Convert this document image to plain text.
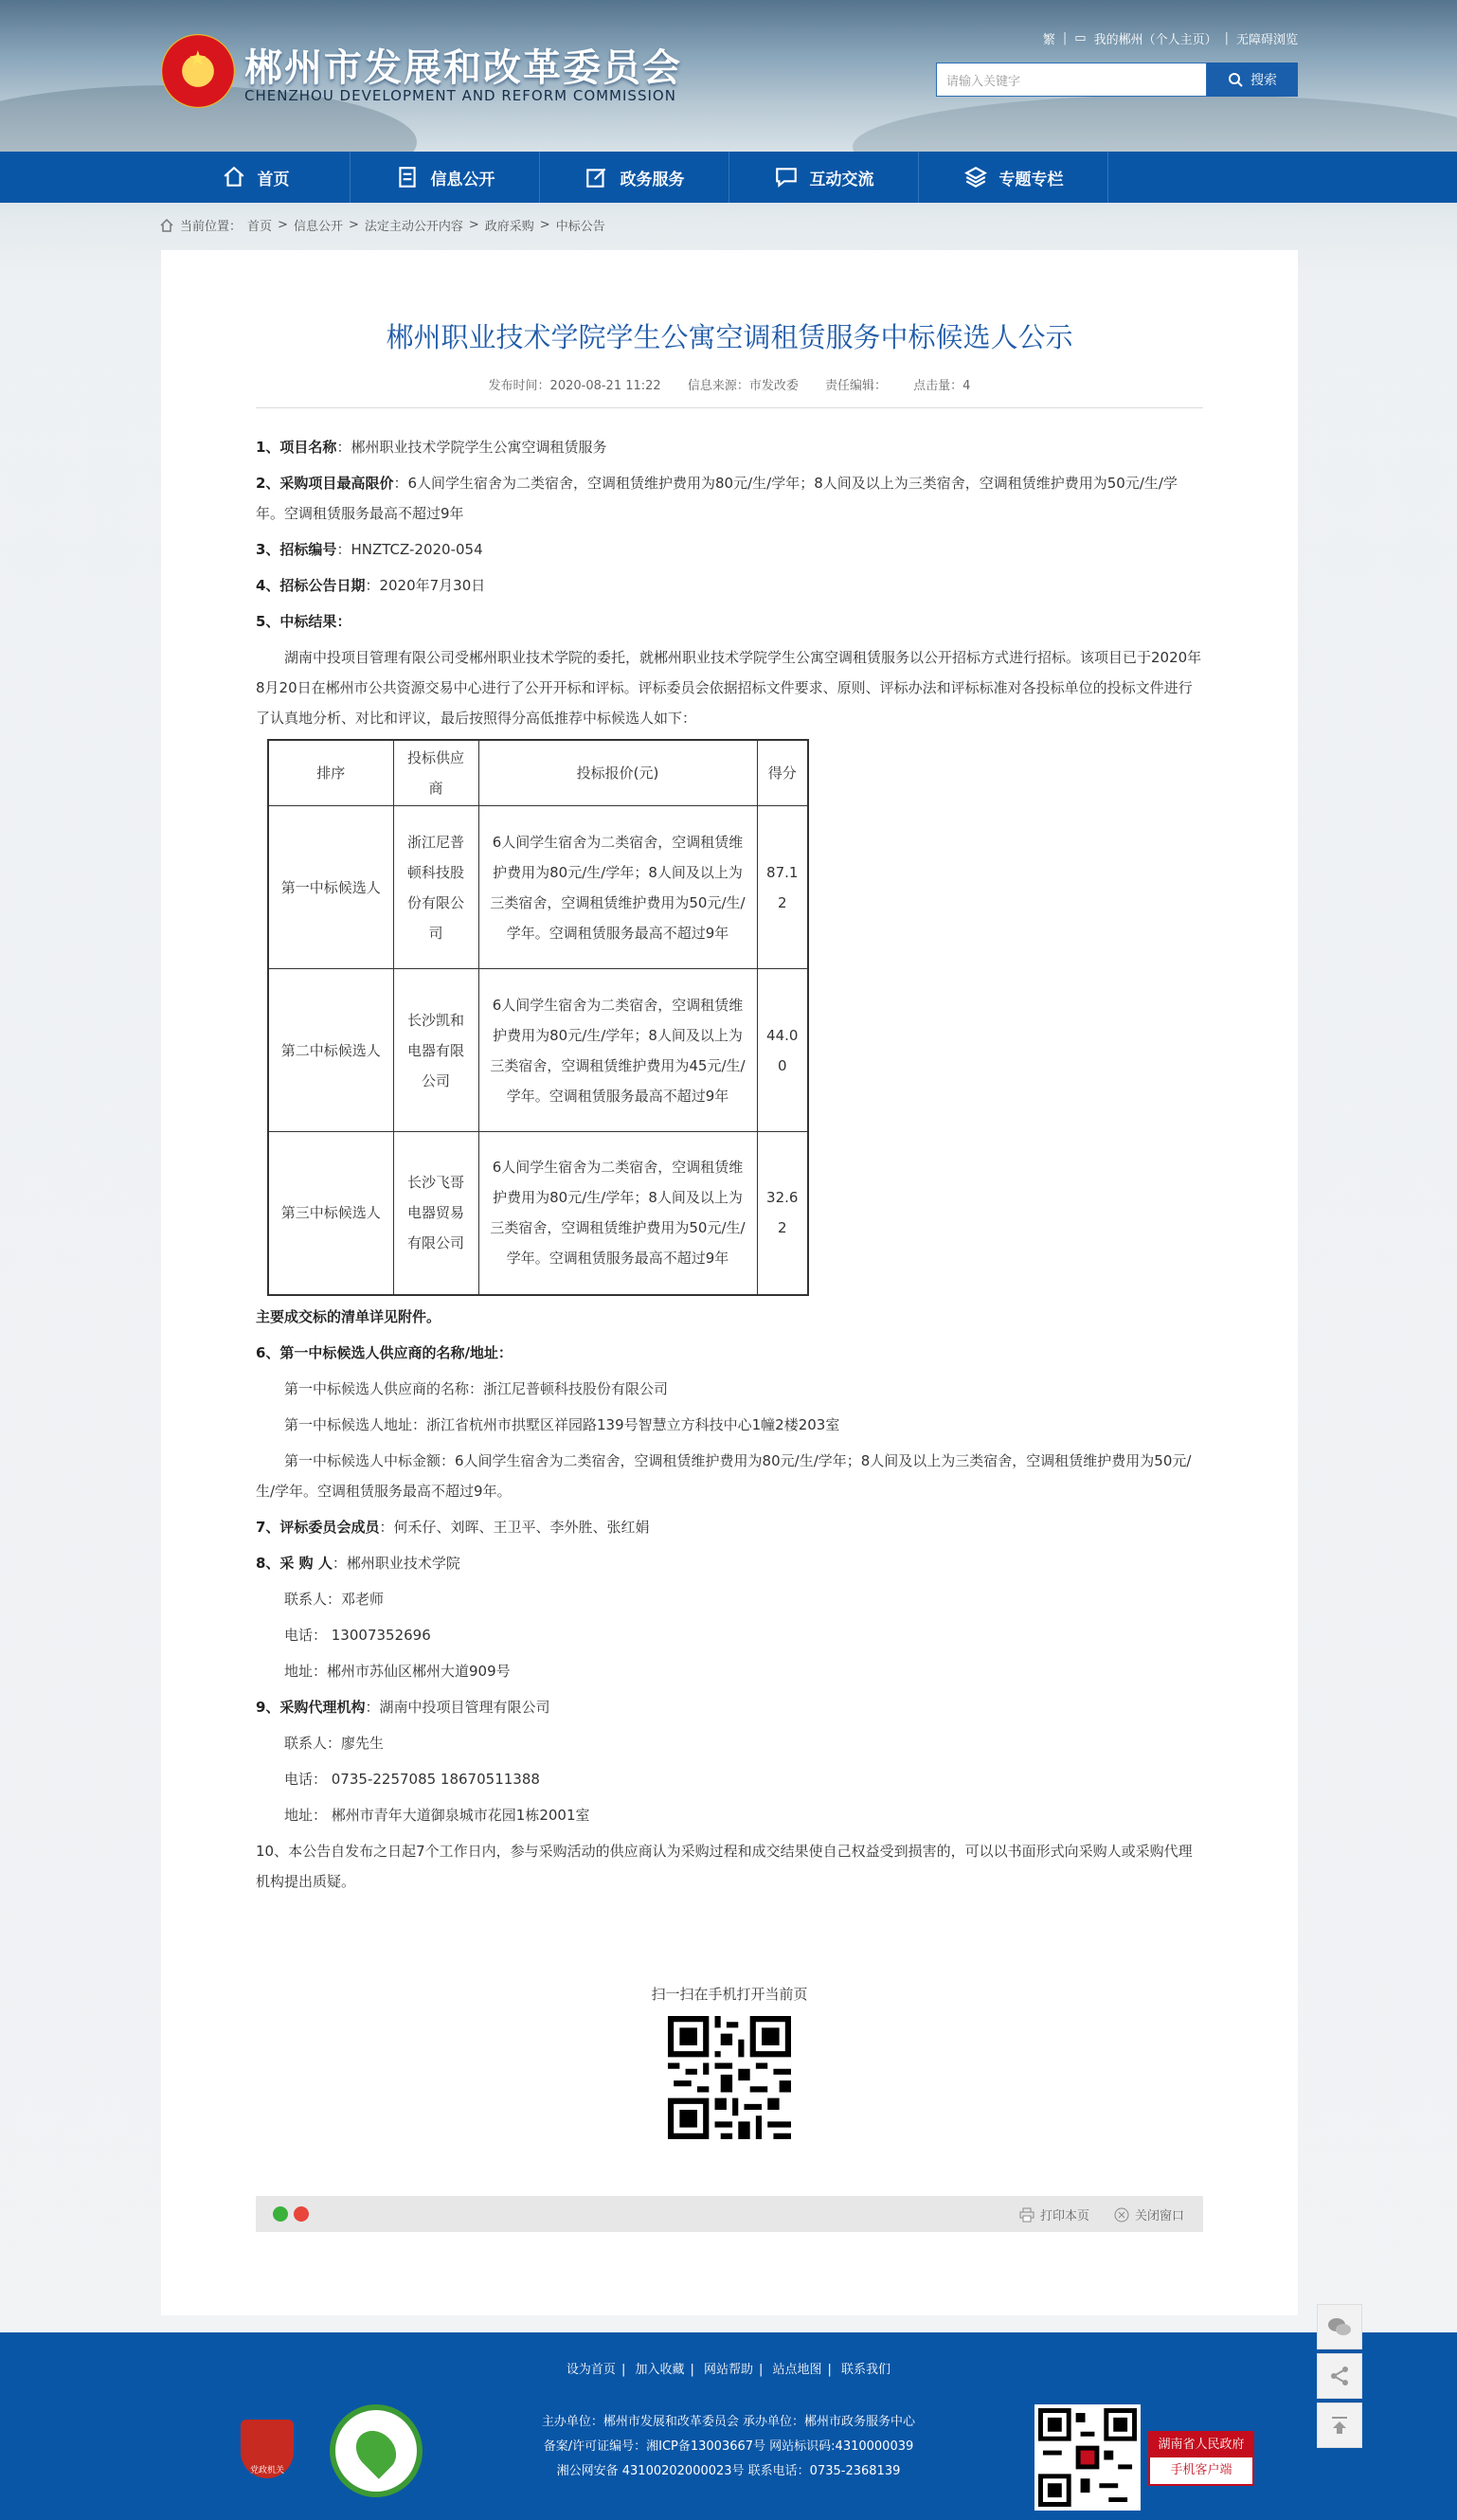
★ 郴州市发展和改革委员会
CHENZHOU DEVELOPMENT AND REFORM COMMISSION
繁 | ▭ 我的郴州（个人主页） | 无障碍浏览
请输入关键字	搜索
首页	信息公开	政务服务	互动交流	专题专栏
当前位置： 首页 > 信息公开 > 法定主动公开内容 > 政府采购 > 中标公告
郴州职业技术学院学生公寓空调租赁服务中标候选人公示
发布时间：2020-08-21 11:22 信息来源：市发改委 责任编辑： 点击量：4
1、项目名称：郴州职业技术学院学生公寓空调租赁服务
2、采购项目最高限价：6人间学生宿舍为二类宿舍，空调租赁维护费用为80元/生/学年；8人间及以上为三类宿舍，空调租赁维护费用为50元/生/学年。空调租赁服务最高不超过9年
3、招标编号：HNZTCZ-2020-054
4、招标公告日期：2020年7月30日
5、中标结果：
湖南中投项目管理有限公司受郴州职业技术学院的委托，就郴州职业技术学院学生公寓空调租赁服务以公开招标方式进行招标。该项目已于2020年8月20日在郴州市公共资源交易中心进行了公开开标和评标。评标委员会依据招标文件要求、原则、评标办法和评标标准对各投标单位的投标文件进行了认真地分析、对比和评议，最后按照得分高低推荐中标候选人如下：
排序	投标供应商	投标报价(元)	得分
第一中标候选人	浙江尼普顿科技股份有限公司	6人间学生宿舍为二类宿舍，空调租赁维护费用为80元/生/学年；8人间及以上为三类宿舍，空调租赁维护费用为50元/生/学年。空调租赁服务最高不超过9年	87.12
第二中标候选人	长沙凯和电器有限公司	6人间学生宿舍为二类宿舍，空调租赁维护费用为80元/生/学年；8人间及以上为三类宿舍，空调租赁维护费用为45元/生/学年。空调租赁服务最高不超过9年	44.00
第三中标候选人	长沙飞哥电器贸易有限公司	6人间学生宿舍为二类宿舍，空调租赁维护费用为80元/生/学年；8人间及以上为三类宿舍，空调租赁维护费用为50元/生/学年。空调租赁服务最高不超过9年	32.62
主要成交标的清单详见附件。
6、第一中标候选人供应商的名称/地址：
第一中标候选人供应商的名称：浙江尼普顿科技股份有限公司
第一中标候选人地址：浙江省杭州市拱墅区祥园路139号智慧立方科技中心1幢2楼203室
第一中标候选人中标金额：6人间学生宿舍为二类宿舍，空调租赁维护费用为80元/生/学年；8人间及以上为三类宿舍，空调租赁维护费用为50元/生/学年。空调租赁服务最高不超过9年。
7、评标委员会成员：何禾仔、刘晖、王卫平、李外胜、张红娟
8、采 购 人：郴州职业技术学院
联系人：邓老师
电话： 13007352696
地址：郴州市苏仙区郴州大道909号
9、采购代理机构：湖南中投项目管理有限公司
联系人：廖先生
电话： 0735-2257085 18670511388
地址： 郴州市青年大道御泉城市花园1栋2001室
10、本公告自发布之日起7个工作日内，参与采购活动的供应商认为采购过程和成交结果使自己权益受到损害的，可以以书面形式向采购人或采购代理机构提出质疑。
扫一扫在手机打开当前页
打印本页	关闭窗口
设为首页 | 加入收藏 | 网站帮助 | 站点地图 | 联系我们
主办单位：郴州市发展和改革委员会 承办单位：郴州市政务服务中心
备案/许可证编号：湘ICP备13003667号 网站标识码:4310000039
湘公网安备 43100202000023号 联系电话：0735-2368139
党政机关
湖南省人民政府
手机客户端
